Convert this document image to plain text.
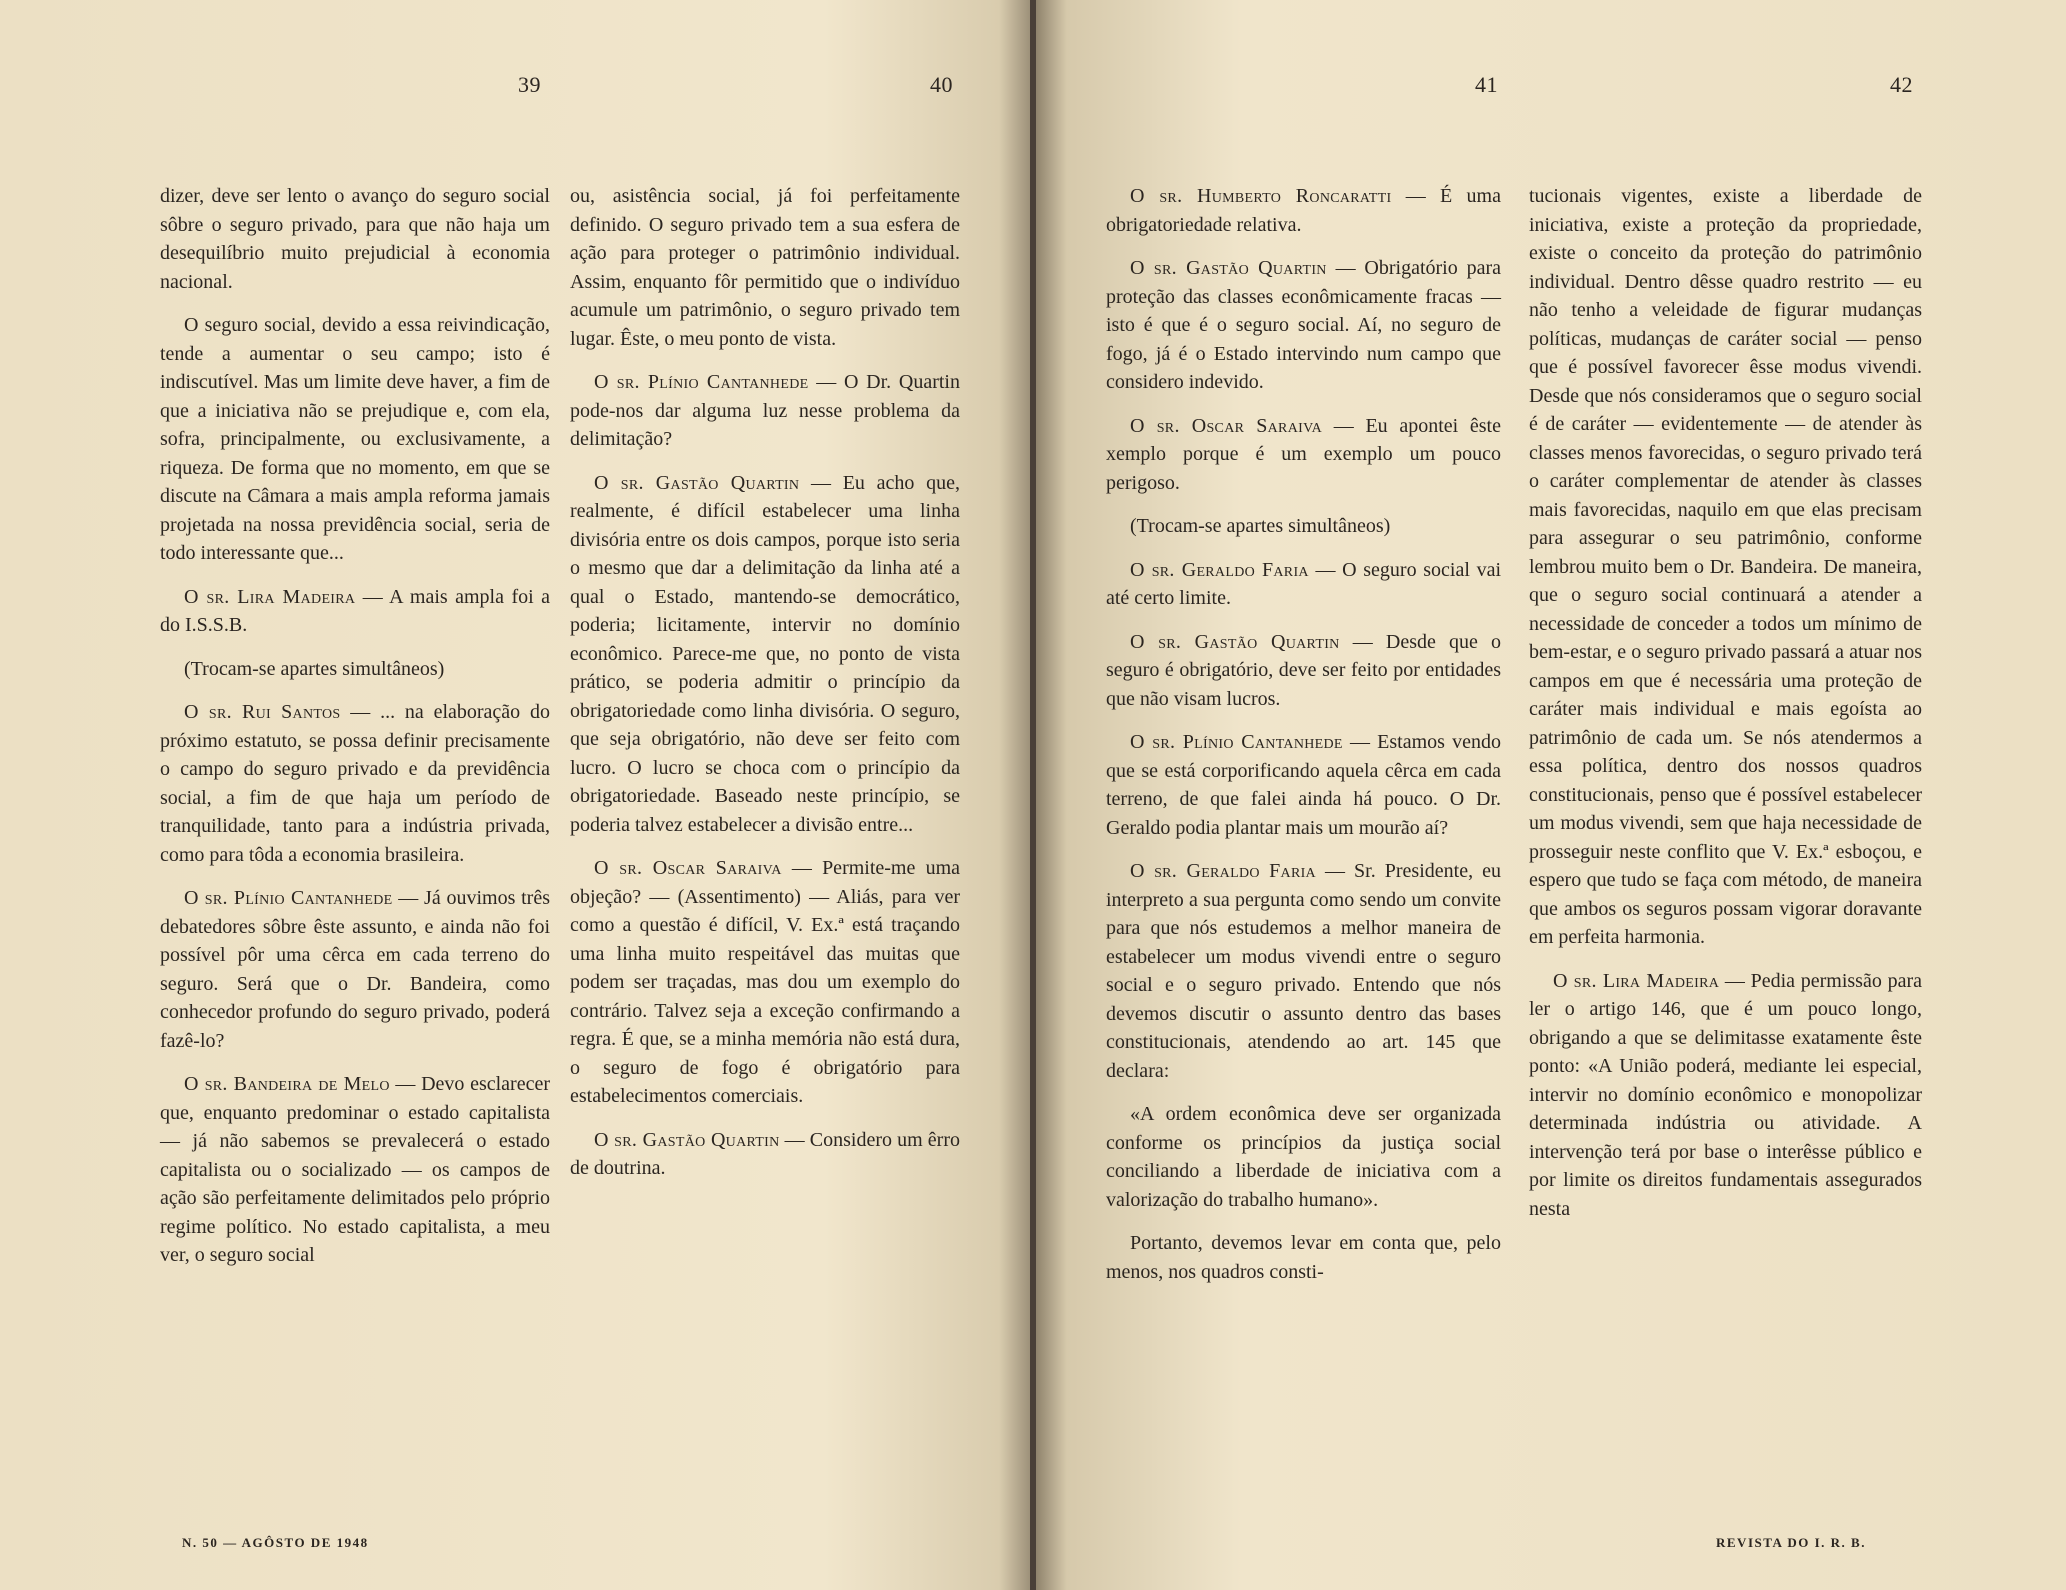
39	40

dizer, deve ser lento o avanço do seguro social sôbre o seguro privado, para que não haja um desequilíbrio muito prejudicial à economia nacional.

O seguro social, devido a essa reivindicação, tende a aumentar o seu campo; isto é indiscutível. Mas um limite deve haver, a fim de que a iniciativa não se prejudique e, com ela, sofra, principalmente, ou exclusivamente, a riqueza. De forma que no momento, em que se discute na Câmara a mais ampla reforma jamais projetada na nossa previdência social, seria de todo interessante que...

O sr. Lira Madeira — A mais ampla foi a do I.S.S.B.

(Trocam-se apartes simultâneos)

O sr. Rui Santos — ... na elaboração do próximo estatuto, se possa definir precisamente o campo do seguro privado e da previdência social, a fim de que haja um período de tranquilidade, tanto para a indústria privada, como para tôda a economia brasileira.

O sr. Plínio Cantanhede — Já ouvimos três debatedores sôbre êste assunto, e ainda não foi possível pôr uma cêrca em cada terreno do seguro. Será que o Dr. Bandeira, como conhecedor profundo do seguro privado, poderá fazê-lo?

O sr. Bandeira de Melo — Devo esclarecer que, enquanto predominar o estado capitalista — já não sabemos se prevalecerá o estado capitalista ou o socializado — os campos de ação são perfeitamente delimitados pelo próprio regime político. No estado capitalista, a meu ver, o seguro social

ou, asistência social, já foi perfeitamente definido. O seguro privado tem a sua esfera de ação para proteger o patrimônio individual. Assim, enquanto fôr permitido que o indivíduo acumule um patrimônio, o seguro privado tem lugar. Êste, o meu ponto de vista.

O sr. Plínio Cantanhede — O Dr. Quartin pode-nos dar alguma luz nesse problema da delimitação?

O sr. Gastão Quartin — Eu acho que, realmente, é difícil estabelecer uma linha divisória entre os dois campos, porque isto seria o mesmo que dar a delimitação da linha até a qual o Estado, mantendo-se democrático, poderia; licitamente, intervir no domínio econômico. Parece-me que, no ponto de vista prático, se poderia admitir o princípio da obrigatoriedade como linha divisória. O seguro, que seja obrigatório, não deve ser feito com lucro. O lucro se choca com o princípio da obrigatoriedade. Baseado neste princípio, se poderia talvez estabelecer a divisão entre...

O sr. Oscar Saraiva — Permite-me uma objeção? — (Assentimento) — Aliás, para ver como a questão é difícil, V. Ex.ª está traçando uma linha muito respeitável das muitas que podem ser traçadas, mas dou um exemplo do contrário. Talvez seja a exceção confirmando a regra. É que, se a minha memória não está dura, o seguro de fogo é obrigatório para estabelecimentos comerciais.

O sr. Gastão Quartin — Considero um êrro de doutrina.

N. 50 — AGÔSTO DE 1948
41	42

O sr. Humberto Roncaratti — É uma obrigatoriedade relativa.

O sr. Gastão Quartin — Obrigatório para proteção das classes econômicamente fracas — isto é que é o seguro social. Aí, no seguro de fogo, já é o Estado intervindo num campo que considero indevido.

O sr. Oscar Saraiva — Eu apontei êste xemplo porque é um exemplo um pouco perigoso.

(Trocam-se apartes simultâneos)

O sr. Geraldo Faria — O seguro social vai até certo limite.

O sr. Gastão Quartin — Desde que o seguro é obrigatório, deve ser feito por entidades que não visam lucros.

O sr. Plínio Cantanhede — Estamos vendo que se está corporificando aquela cêrca em cada terreno, de que falei ainda há pouco. O Dr. Geraldo podia plantar mais um mourão aí?

O sr. Geraldo Faria — Sr. Presidente, eu interpreto a sua pergunta como sendo um convite para que nós estudemos a melhor maneira de estabelecer um modus vivendi entre o seguro social e o seguro privado. Entendo que nós devemos discutir o assunto dentro das bases constitucionais, atendendo ao art. 145 que declara:

«A ordem econômica deve ser organizada conforme os princípios da justiça social conciliando a liberdade de iniciativa com a valorização do trabalho humano».

Portanto, devemos levar em conta que, pelo menos, nos quadros consti-

tucionais vigentes, existe a liberdade de iniciativa, existe a proteção da propriedade, existe o conceito da proteção do patrimônio individual. Dentro dêsse quadro restrito — eu não tenho a veleidade de figurar mudanças políticas, mudanças de caráter social — penso que é possível favorecer êsse modus vivendi. Desde que nós consideramos que o seguro social é de caráter — evidentemente — de atender às classes menos favorecidas, o seguro privado terá o caráter complementar de atender às classes mais favorecidas, naquilo em que elas precisam para assegurar o seu patrimônio, conforme lembrou muito bem o Dr. Bandeira. De maneira, que o seguro social continuará a atender a necessidade de conceder a todos um mínimo de bem-estar, e o seguro privado passará a atuar nos campos em que é necessária uma proteção de caráter mais individual e mais egoísta ao patrimônio de cada um. Se nós atendermos a essa política, dentro dos nossos quadros constitucionais, penso que é possível estabelecer um modus vivendi, sem que haja necessidade de prosseguir neste conflito que V. Ex.ª esboçou, e espero que tudo se faça com método, de maneira que ambos os seguros possam vigorar doravante em perfeita harmonia.

O sr. Lira Madeira — Pedia permissão para ler o artigo 146, que é um pouco longo, obrigando a que se delimitasse exatamente êste ponto: «A União poderá, mediante lei especial, intervir no domínio econômico e monopolizar determinada indústria ou atividade. A intervenção terá por base o interêsse público e por limite os direitos fundamentais assegurados nesta

REVISTA DO I. R. B.
